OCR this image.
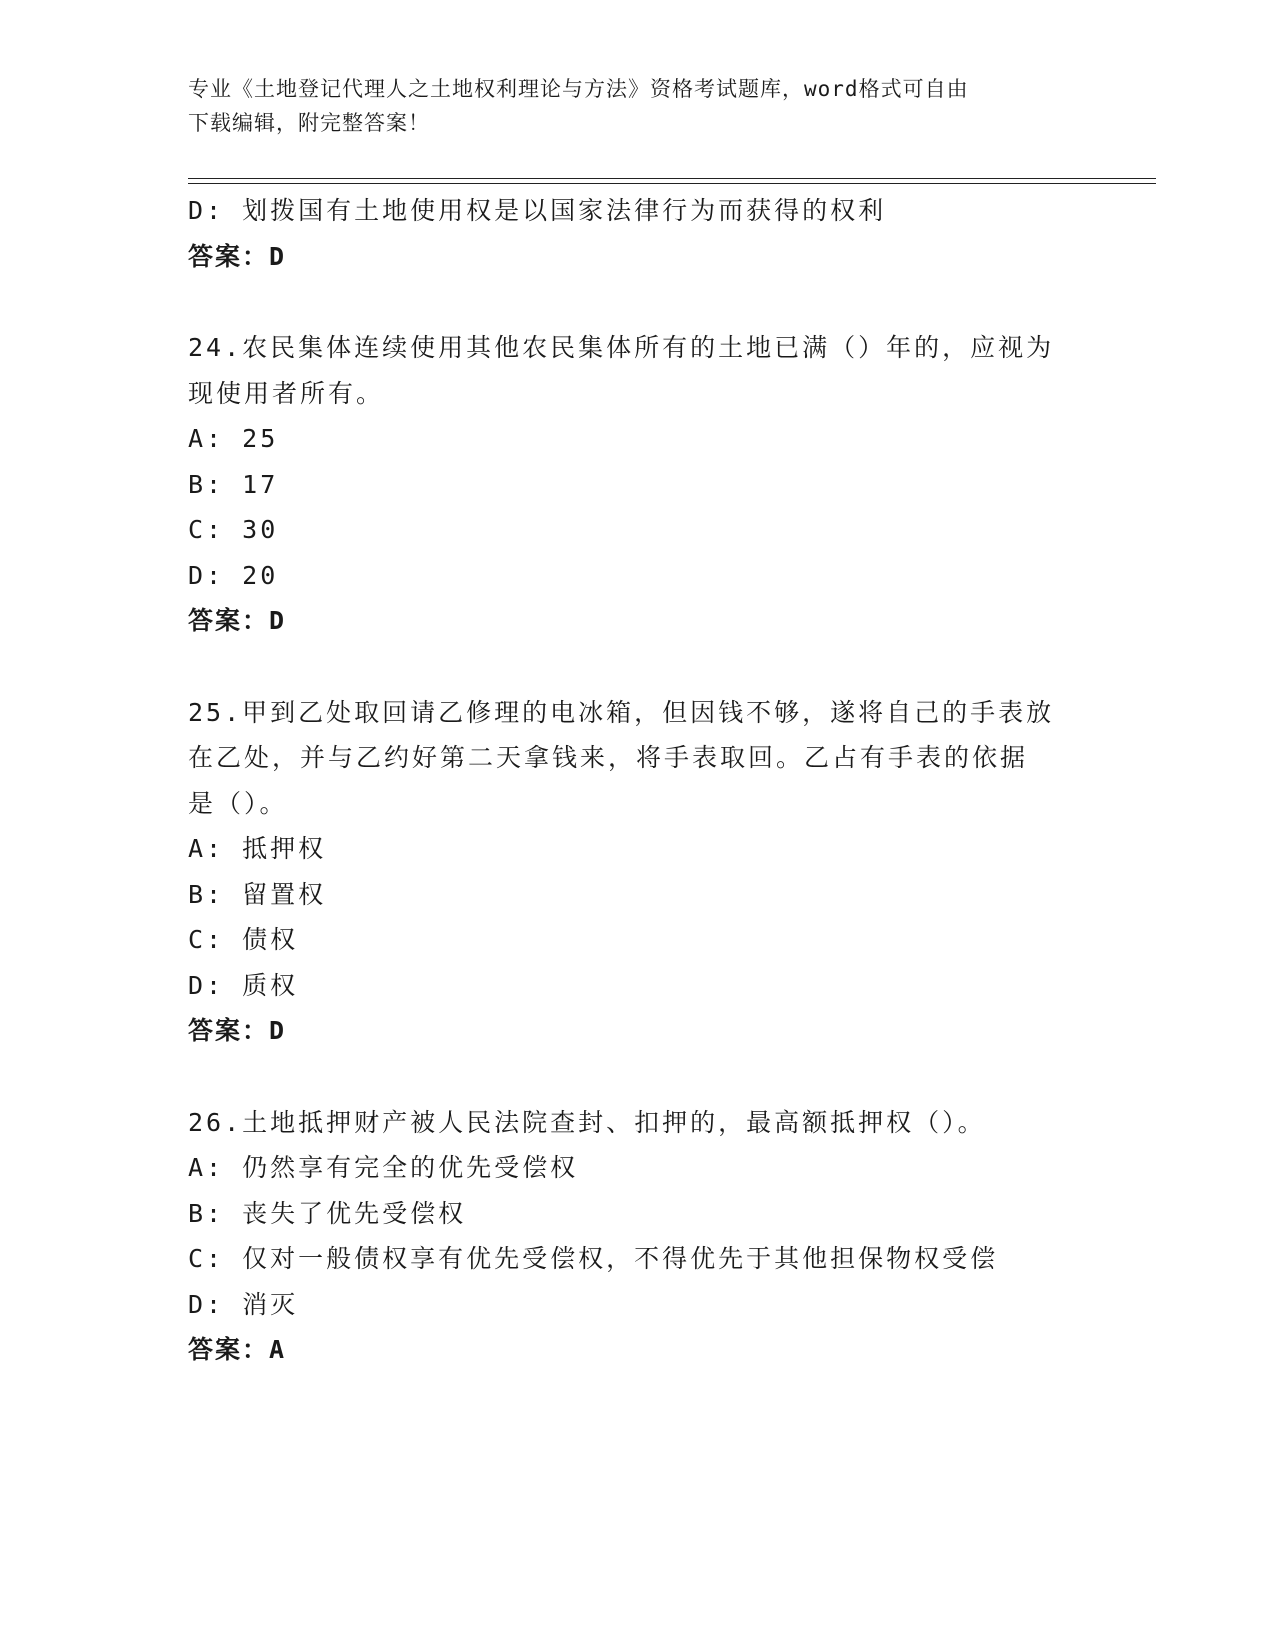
专业《土地登记代理人之土地权利理论与方法》资格考试题库，word格式可自由
下载编辑，附完整答案！
D: 划拨国有土地使用权是以国家法律行为而获得的权利
答案：D
24.农民集体连续使用其他农民集体所有的土地已满（）年的，应视为
现使用者所有。
A: 25
B: 17
C: 30
D: 20
答案：D
25.甲到乙处取回请乙修理的电冰箱，但因钱不够，遂将自己的手表放
在乙处，并与乙约好第二天拿钱来，将手表取回。乙占有手表的依据
是（）。
A: 抵押权
B: 留置权
C: 债权
D: 质权
答案：D
26.土地抵押财产被人民法院查封、扣押的，最高额抵押权（）。
A: 仍然享有完全的优先受偿权
B: 丧失了优先受偿权
C: 仅对一般债权享有优先受偿权，不得优先于其他担保物权受偿
D: 消灭
答案：A
